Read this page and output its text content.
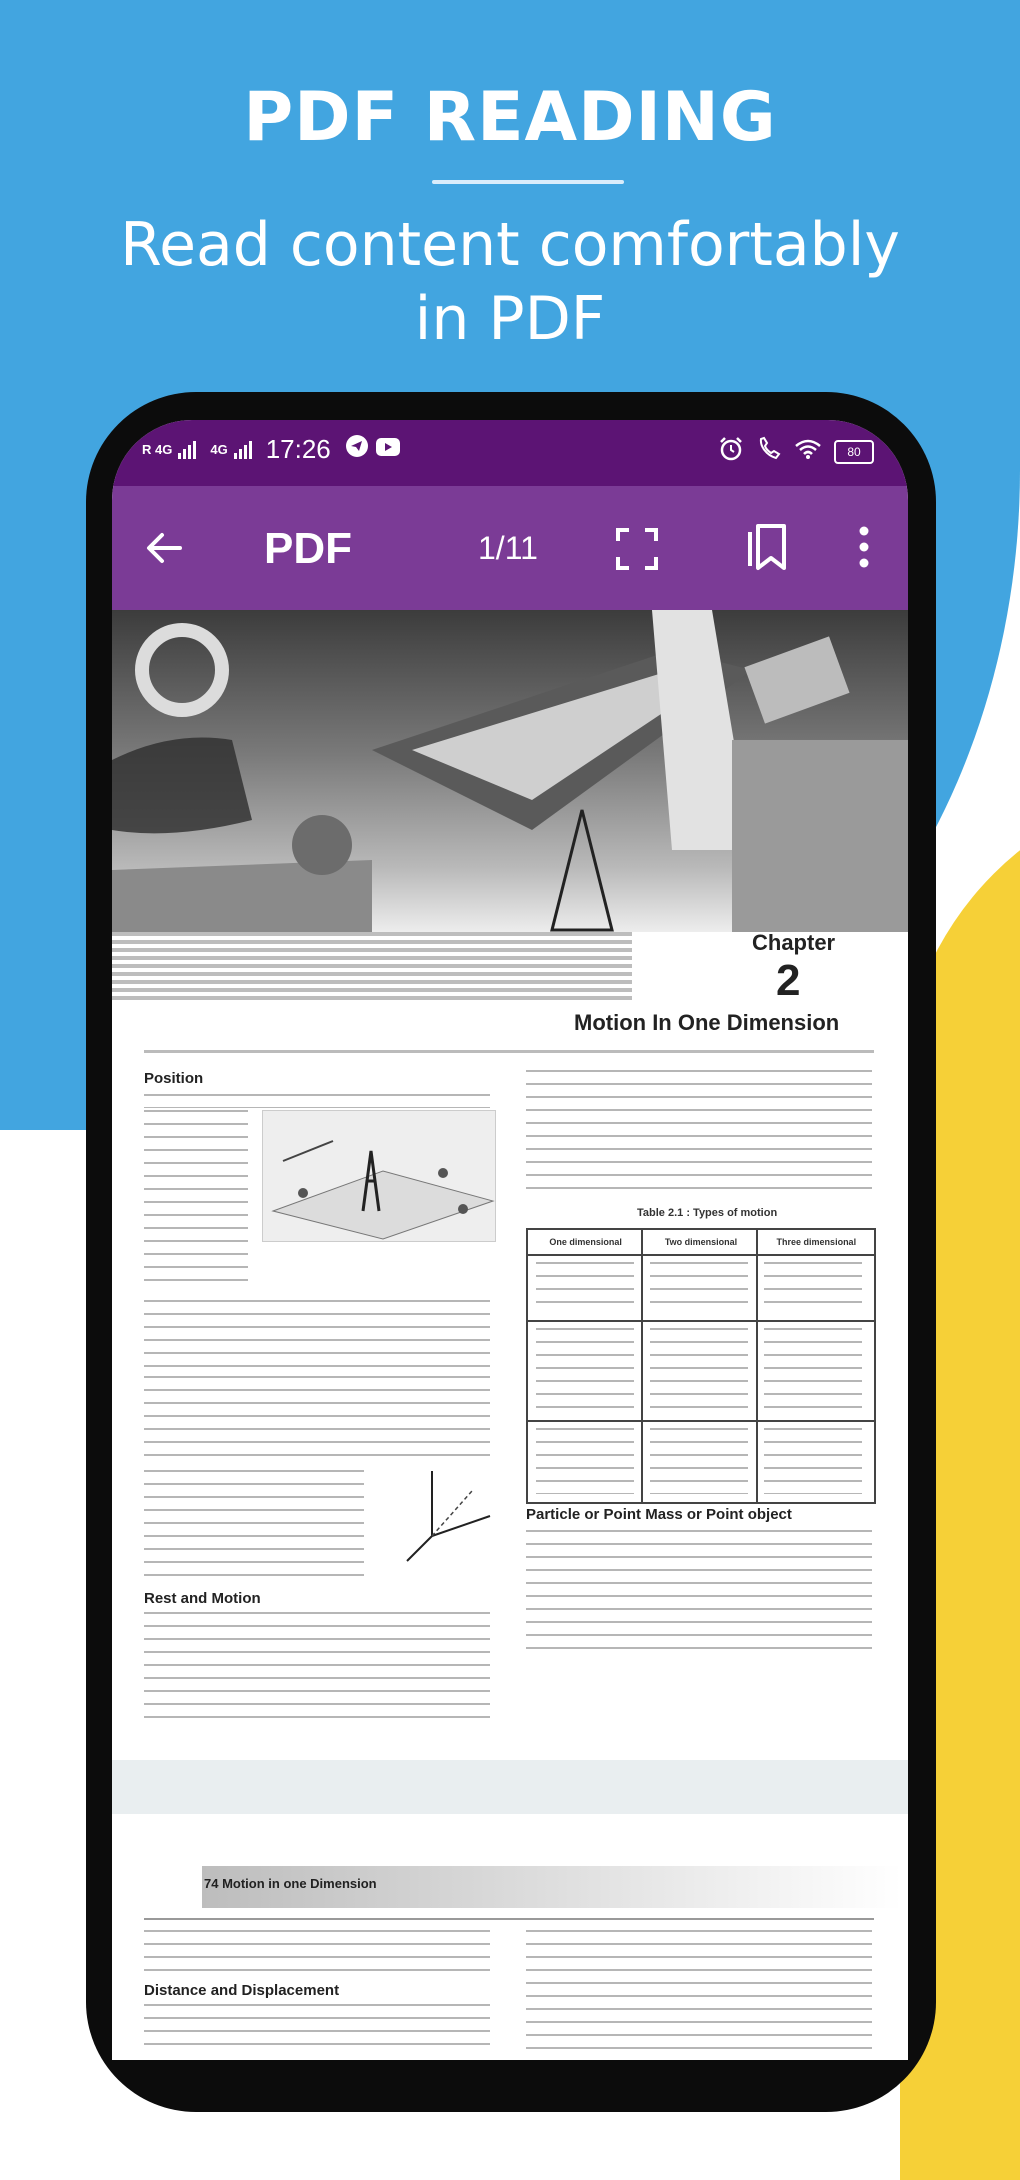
PDF READING
Read content comfortably
in PDF
R 4G	4G 17:26	80
PDF	1/11
Chapter
2
Motion In One Dimension
Position
Rest and Motion
Table 2.1 : Types of motion
One dimensional	Two dimensional	Three dimensional
Particle or Point Mass or Point object
74 Motion in one Dimension
Distance and Displacement
